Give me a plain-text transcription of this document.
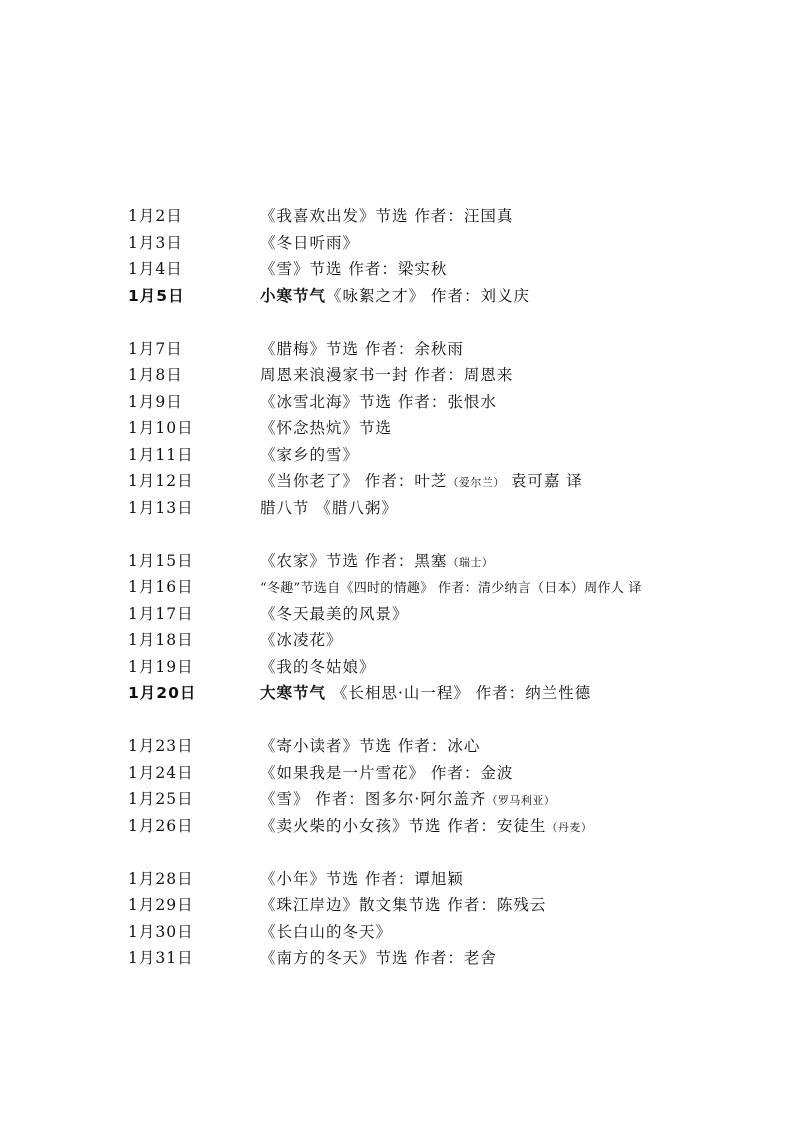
1月2日	《我喜欢出发》节选 作者：汪国真
1月3日	《冬日听雨》
1月4日	《雪》节选 作者：梁实秋
1月5日	小寒节气《咏絮之才》 作者：刘义庆
1月7日	《腊梅》节选 作者：余秋雨
1月8日	周恩来浪漫家书一封 作者：周恩来
1月9日	《冰雪北海》节选 作者：张恨水
1月10日	《怀念热炕》节选
1月11日	《家乡的雪》
1月12日	《当你老了》 作者：叶芝（爱尔兰） 袁可嘉 译
1月13日	腊八节 《腊八粥》
1月15日	《农家》节选 作者：黑塞（瑞士）
1月16日	“冬趣”节选自《四时的情趣》 作者：清少纳言（日本）周作人 译
1月17日	《冬天最美的风景》
1月18日	《冰凌花》
1月19日	《我的冬姑娘》
1月20日	大寒节气 《长相思·山一程》 作者：纳兰性德
1月23日	《寄小读者》节选 作者：冰心
1月24日	《如果我是一片雪花》 作者：金波
1月25日	《雪》 作者：图多尔·阿尔盖齐（罗马利亚）
1月26日	《卖火柴的小女孩》节选 作者：安徒生（丹麦）
1月28日	《小年》节选 作者：谭旭颖
1月29日	《珠江岸边》散文集节选 作者：陈残云
1月30日	《长白山的冬天》
1月31日	《南方的冬天》节选 作者：老舍
